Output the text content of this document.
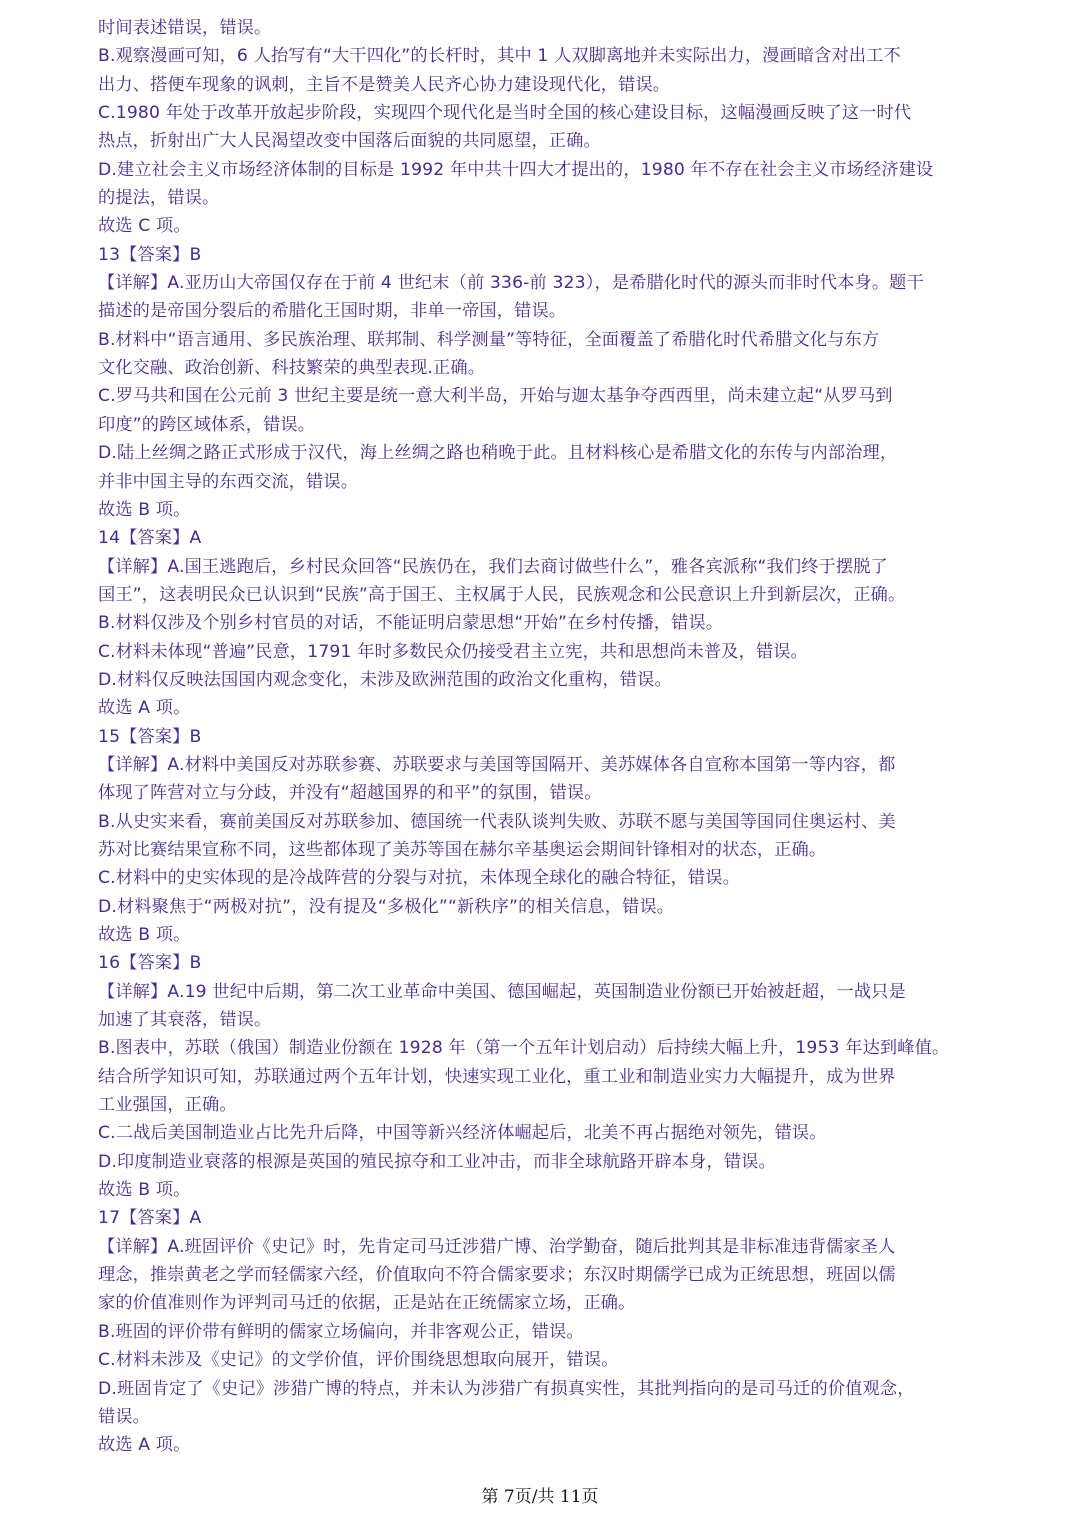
时间表述错误，错误。
B.观察漫画可知，6 人抬写有“大干四化”的长杆时，其中 1 人双脚离地并未实际出力，漫画暗含对出工不
出力、搭便车现象的讽刺，主旨不是赞美人民齐心协力建设现代化，错误。
C.1980 年处于改革开放起步阶段，实现四个现代化是当时全国的核心建设目标，这幅漫画反映了这一时代
热点，折射出广大人民渴望改变中国落后面貌的共同愿望，正确。
D.建立社会主义市场经济体制的目标是 1992 年中共十四大才提出的，1980 年不存在社会主义市场经济建设
的提法，错误。
故选 C 项。
13【答案】B
【详解】A.亚历山大帝国仅存在于前 4 世纪末（前 336-前 323），是希腊化时代的源头而非时代本身。题干
描述的是帝国分裂后的希腊化王国时期，非单一帝国，错误。
B.材料中“语言通用、多民族治理、联邦制、科学测量”等特征，全面覆盖了希腊化时代希腊文化与东方
文化交融、政治创新、科技繁荣的典型表现.正确。
C.罗马共和国在公元前 3 世纪主要是统一意大利半岛，开始与迦太基争夺西西里，尚未建立起“从罗马到
印度”的跨区域体系，错误。
D.陆上丝绸之路正式形成于汉代，海上丝绸之路也稍晚于此。且材料核心是希腊文化的东传与内部治理，
并非中国主导的东西交流，错误。
故选 B 项。
14【答案】A
【详解】A.国王逃跑后，乡村民众回答“民族仍在，我们去商讨做些什么”，雅各宾派称“我们终于摆脱了
国王”，这表明民众已认识到“民族”高于国王、主权属于人民，民族观念和公民意识上升到新层次，正确。
B.材料仅涉及个别乡村官员的对话，不能证明启蒙思想“开始”在乡村传播，错误。
C.材料未体现“普遍”民意，1791 年时多数民众仍接受君主立宪，共和思想尚未普及，错误。
D.材料仅反映法国国内观念变化，未涉及欧洲范围的政治文化重构，错误。
故选 A 项。
15【答案】B
【详解】A.材料中美国反对苏联参赛、苏联要求与美国等国隔开、美苏媒体各自宣称本国第一等内容，都
体现了阵营对立与分歧，并没有“超越国界的和平”的氛围，错误。
B.从史实来看，赛前美国反对苏联参加、德国统一代表队谈判失败、苏联不愿与美国等国同住奥运村、美
苏对比赛结果宣称不同，这些都体现了美苏等国在赫尔辛基奥运会期间针锋相对的状态，正确。
C.材料中的史实体现的是冷战阵营的分裂与对抗，未体现全球化的融合特征，错误。
D.材料聚焦于“两极对抗”，没有提及“多极化”“新秩序”的相关信息，错误。
故选 B 项。
16【答案】B
【详解】A.19 世纪中后期，第二次工业革命中美国、德国崛起，英国制造业份额已开始被赶超，一战只是
加速了其衰落，错误。
B.图表中，苏联（俄国）制造业份额在 1928 年（第一个五年计划启动）后持续大幅上升，1953 年达到峰值。
结合所学知识可知，苏联通过两个五年计划，快速实现工业化，重工业和制造业实力大幅提升，成为世界
工业强国，正确。
C.二战后美国制造业占比先升后降，中国等新兴经济体崛起后，北美不再占据绝对领先，错误。
D.印度制造业衰落的根源是英国的殖民掠夺和工业冲击，而非全球航路开辟本身，错误。
故选 B 项。
17【答案】A
【详解】A.班固评价《史记》时，先肯定司马迁涉猎广博、治学勤奋，随后批判其是非标准违背儒家圣人
理念，推崇黄老之学而轻儒家六经，价值取向不符合儒家要求；东汉时期儒学已成为正统思想，班固以儒
家的价值准则作为评判司马迁的依据，正是站在正统儒家立场，正确。
B.班固的评价带有鲜明的儒家立场偏向，并非客观公正，错误。
C.材料未涉及《史记》的文学价值，评价围绕思想取向展开，错误。
D.班固肯定了《史记》涉猎广博的特点，并未认为涉猎广有损真实性，其批判指向的是司马迁的价值观念，
错误。
故选 A 项。
第 7页/共 11页
